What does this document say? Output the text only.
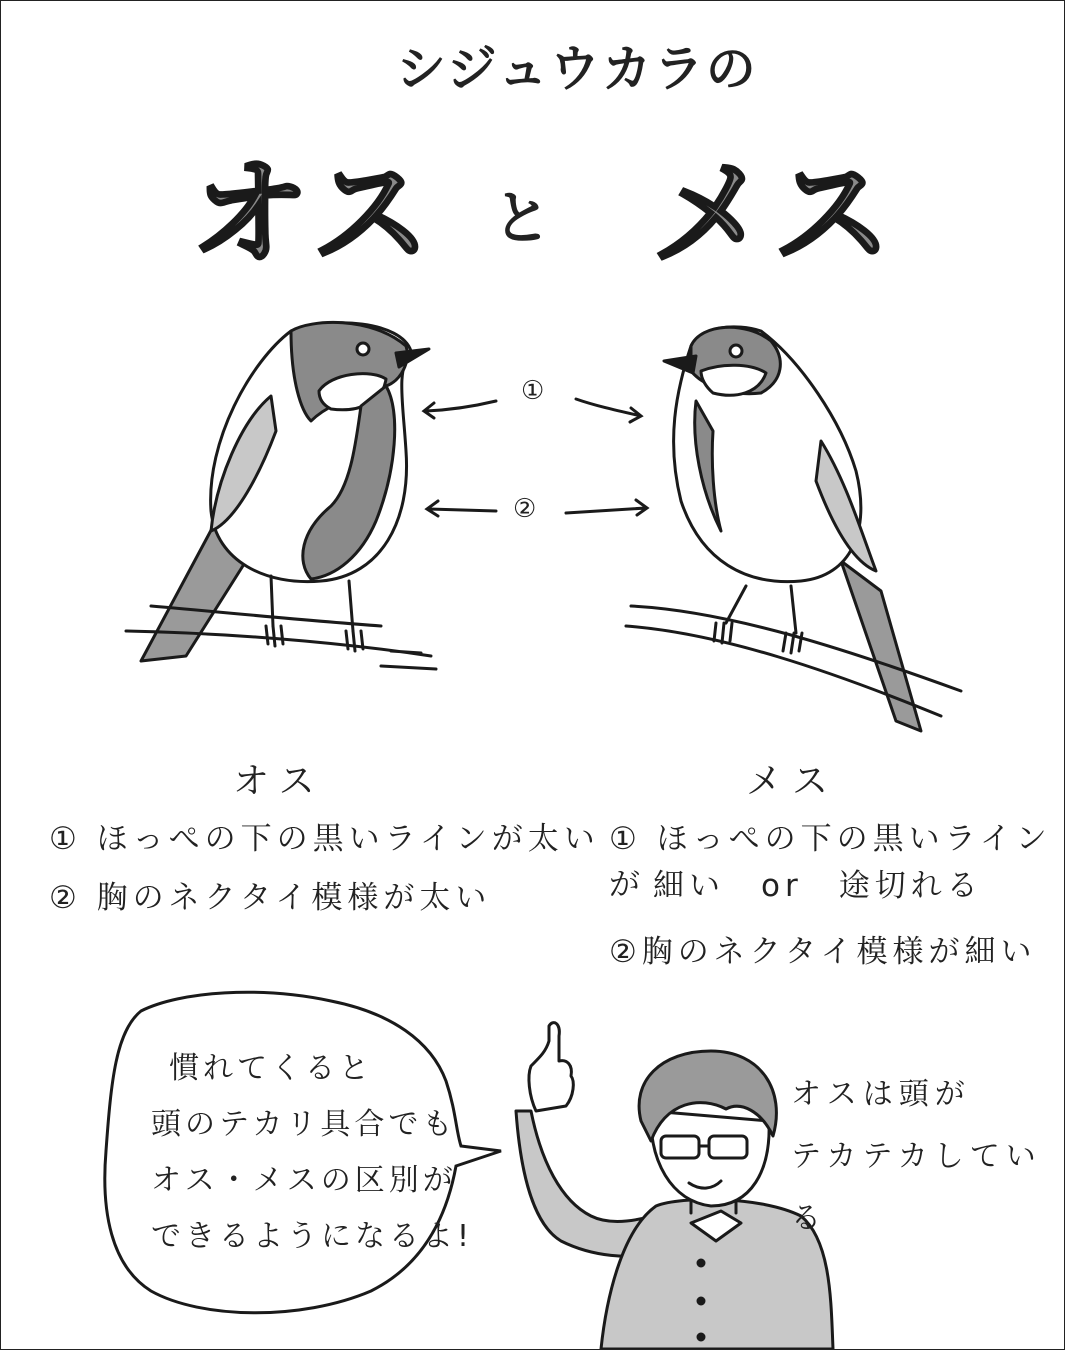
シジュウカラの
オス と メス
①
②
オス
① ほっぺの下の黒いラインが太い
② 胸のネクタイ模様が太い
メス
① ほっぺの下の黒いラインが 細い　or　途切れる
②胸のネクタイ模様が細い
慣れてくると
頭のテカリ具合でも
オス・メスの区別が
できるようになるよ!
オスは頭が
テカテカしている
